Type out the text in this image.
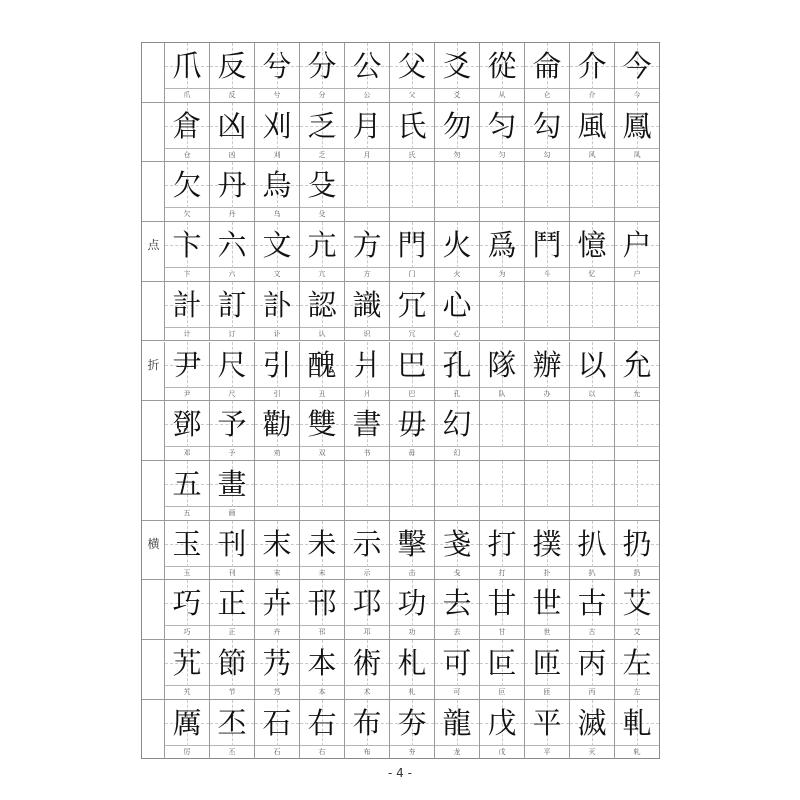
爪
爪
反
反
兮
兮
分
分
公
公
父
父
爻
爻
從
从
侖
仑
介
介
今
今
倉
仓
凶
凶
刈
刈
乏
乏
月
月
氏
氏
勿
勿
匀
匀
勾
勾
風
风
鳳
凤
欠
欠
丹
丹
烏
乌
殳
殳
点 卞
卞
六
六
文
文
亢
亢
方
方
門
门
火
火
爲
为
鬥
斗
憶
忆
户
户
計
计
訂
订
訃
讣
認
认
識
识
冗
冗
心
心
折 尹
尹
尺
尺
引
引
醜
丑
爿
爿
巴
巴
孔
孔
隊
队
辦
办
以
以
允
允
鄧
邓
予
予
勸
劝
雙
双
書
书
毋
毋
幻
幻
五
五
畫
画
横 玉
玉
刊
刊
末
末
未
未
示
示
擊
击
戔
戋
打
打
撲
扑
扒
扒
扔
扔
巧
巧
正
正
卉
卉
邗
邗
邛
邛
功
功
去
去
甘
甘
世
世
古
古
艾
艾
艽
艽
節
节
艿
艿
本
本
術
术
札
札
可
可
叵
叵
匝
匝
丙
丙
左
左
厲
厉
丕
丕
石
石
右
右
布
布
夯
夯
龍
龙
戊
戊
平
平
滅
灭
軋
轧
- 4 -
